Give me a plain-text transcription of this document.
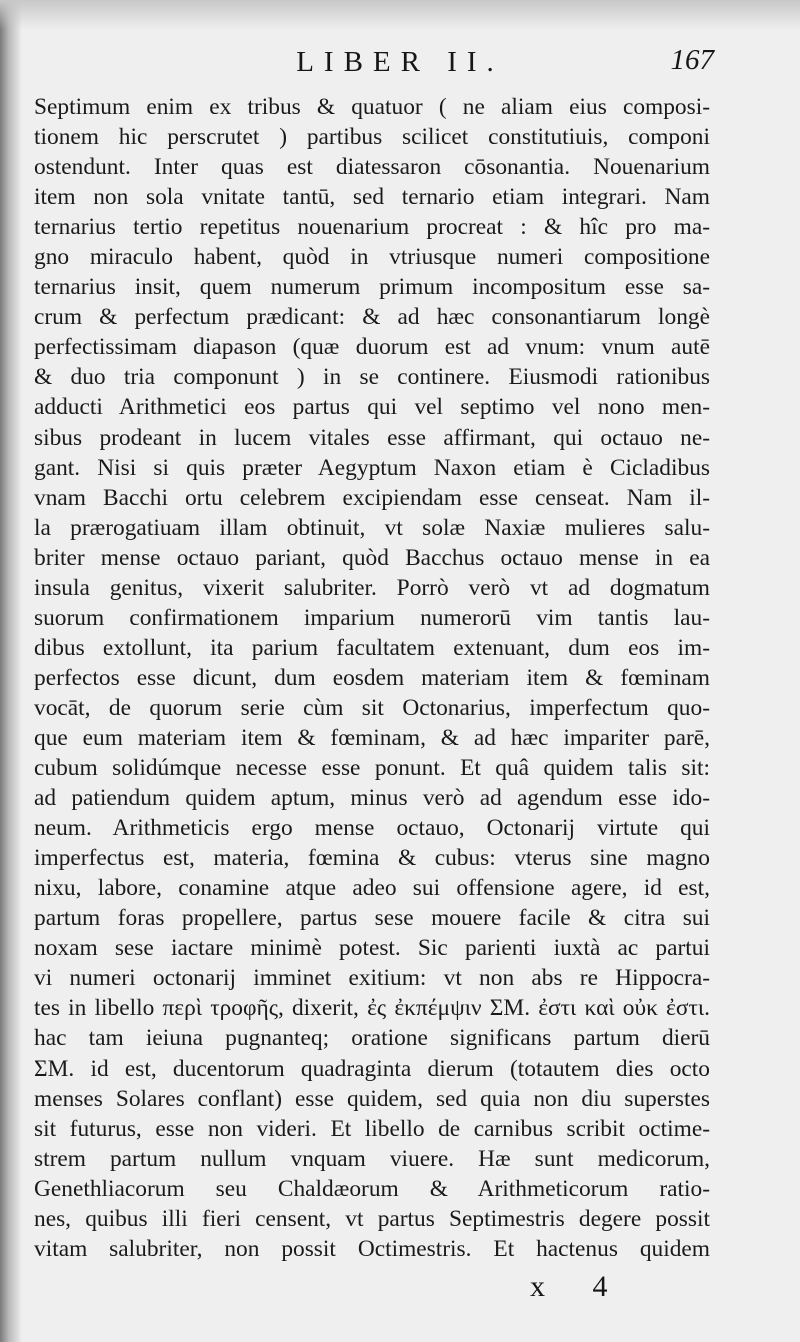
LIBER II.	167
Septimum enim ex tribus & quatuor ( ne aliam eius composi-
tionem hic perscrutet ) partibus scilicet constitutiuis, componi
ostendunt. Inter quas est diatessaron cōsonantia. Nouenarium
item non sola vnitate tantū, sed ternario etiam integrari. Nam
ternarius tertio repetitus nouenarium procreat : & hîc pro ma-
gno miraculo habent, quòd in vtriusque numeri compositione
ternarius insit, quem numerum primum incompositum esse sa-
crum & perfectum prædicant: & ad hæc consonantiarum longè
perfectissimam diapason (quæ duorum est ad vnum: vnum autē
& duo tria componunt ) in se continere. Eiusmodi rationibus
adducti Arithmetici eos partus qui vel septimo vel nono men-
sibus prodeant in lucem vitales esse affirmant, qui octauo ne-
gant. Nisi si quis præter Aegyptum Naxon etiam è Cicladibus
vnam Bacchi ortu celebrem excipiendam esse censeat. Nam il-
la prærogatiuam illam obtinuit, vt solæ Naxiæ mulieres salu-
briter mense octauo pariant, quòd Bacchus octauo mense in ea
insula genitus, vixerit salubriter. Porrò verò vt ad dogmatum
suorum confirmationem imparium numerorū vim tantis lau-
dibus extollunt, ita parium facultatem extenuant, dum eos im-
perfectos esse dicunt, dum eosdem materiam item & fœminam
vocāt, de quorum serie cùm sit Octonarius, imperfectum quo-
que eum materiam item & fœminam, & ad hæc impariter parē,
cubum solidúmque necesse esse ponunt. Et quâ quidem talis sit:
ad patiendum quidem aptum, minus verò ad agendum esse ido-
neum. Arithmeticis ergo mense octauo, Octonarij virtute qui
imperfectus est, materia, fœmina & cubus: vterus sine magno
nixu, labore, conamine atque adeo sui offensione agere, id est,
partum foras propellere, partus sese mouere facile & citra sui
noxam sese iactare minimè potest. Sic parienti iuxtà ac partui
vi numeri octonarij imminet exitium: vt non abs re Hippocra-
tes in libello περὶ τροφῆς, dixerit, ἐς ἐκπέμψιν ΣΜ. ἐστι καὶ οὐκ ἐστι.
hac tam ieiuna pugnanteq; oratione significans partum dierū
ΣΜ. id est, ducentorum quadraginta dierum (totautem dies octo
menses Solares conflant) esse quidem, sed quia non diu superstes
sit futurus, esse non videri. Et libello de carnibus scribit octime-
strem partum nullum vnquam viuere. Hæ sunt medicorum,
Genethliacorum seu Chaldæorum & Arithmeticorum ratio-
nes, quibus illi fieri censent, vt partus Septimestris degere possit
vitam salubriter, non possit Octimestris. Et hactenus quidem
x 4
